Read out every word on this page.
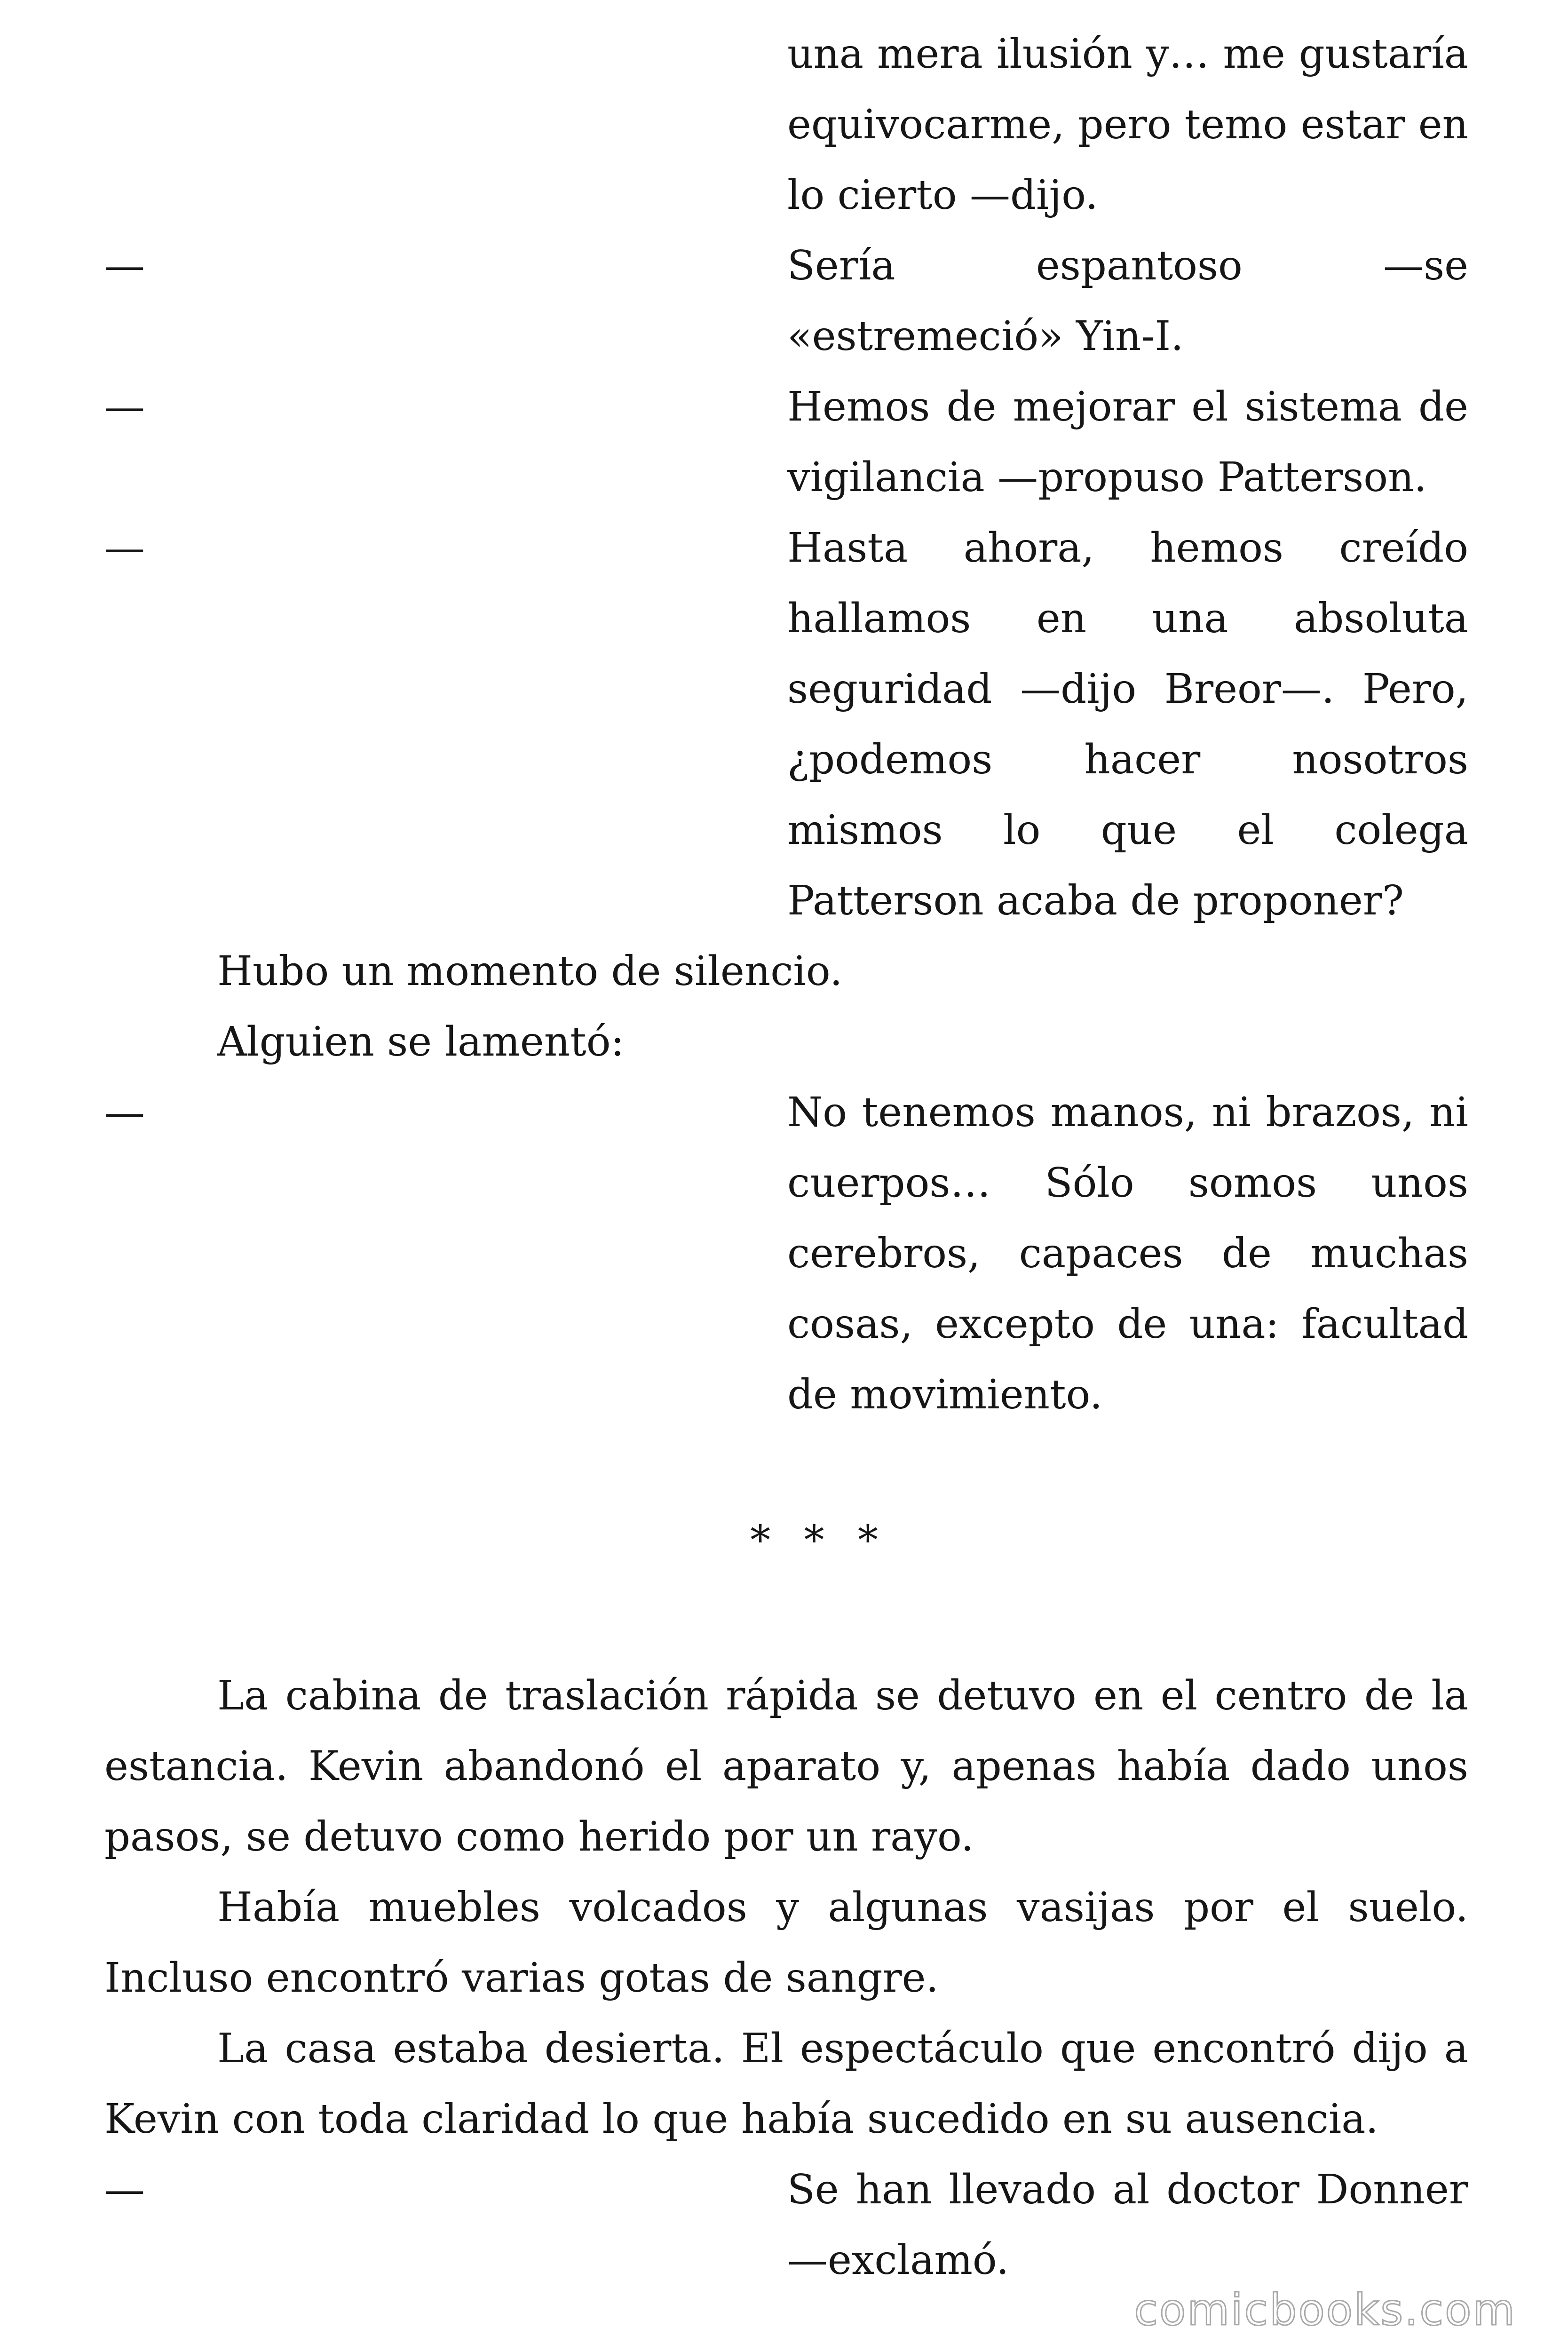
una mera ilusión y… me gustaría equivocarme, pero temo estar en lo cierto —dijo.
—	Sería espantoso —se «estremeció» Yin-I.
—	Hemos de mejorar el sistema de vigilancia —propuso Patterson.
—	Hasta ahora, hemos creído hallamos en una absoluta seguridad —dijo Breor—. Pero, ¿podemos hacer nosotros mismos lo que el colega Patterson acaba de proponer?

Hubo un momento de silencio.

Alguien se lamentó:

—	No tenemos manos, ni brazos, ni cuerpos… Sólo somos unos cerebros, capaces de muchas cosas, excepto de una: facultad de movimiento.
* * *

La cabina de traslación rápida se detuvo en el centro de la estancia. Kevin abandonó el aparato y, apenas había dado unos pasos, se detuvo como herido por un rayo.

Había muebles volcados y algunas vasijas por el suelo. Incluso encontró varias gotas de sangre.

La casa estaba desierta. El espectáculo que encontró dijo a Kevin con toda claridad lo que había sucedido en su ausencia.

—	Se han llevado al doctor Donner —exclamó.
comicbooks.com
